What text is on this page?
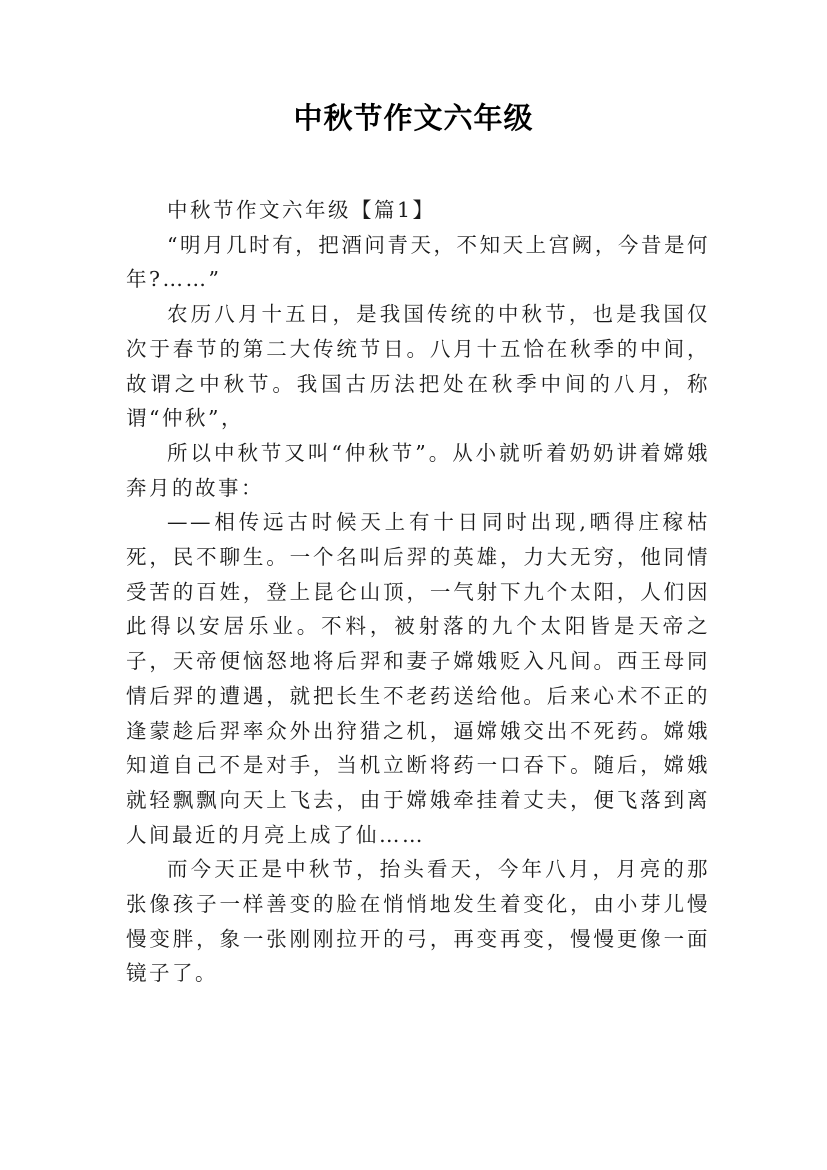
中秋节作文六年级

中秋节作文六年级【篇1】

“明月几时有，把酒问青天，不知天上宫阙，今昔是何年?……”

农历八月十五日，是我国传统的中秋节，也是我国仅次于春节的第二大传统节日。八月十五恰在秋季的中间，故谓之中秋节。我国古历法把处在秋季中间的八月，称谓“仲秋”，

所以中秋节又叫“仲秋节”。从小就听着奶奶讲着嫦娥奔月的故事：

——相传远古时候天上有十日同时出现,晒得庄稼枯死，民不聊生。一个名叫后羿的英雄，力大无穷，他同情受苦的百姓，登上昆仑山顶，一气射下九个太阳，人们因此得以安居乐业。不料，被射落的九个太阳皆是天帝之子，天帝便恼怒地将后羿和妻子嫦娥贬入凡间。西王母同情后羿的遭遇，就把长生不老药送给他。后来心术不正的逢蒙趁后羿率众外出狩猎之机，逼嫦娥交出不死药。嫦娥知道自己不是对手，当机立断将药一口吞下。随后，嫦娥就轻飘飘向天上飞去，由于嫦娥牵挂着丈夫，便飞落到离人间最近的月亮上成了仙……

而今天正是中秋节，抬头看天，今年八月，月亮的那张像孩子一样善变的脸在悄悄地发生着变化，由小芽儿慢慢变胖，象一张刚刚拉开的弓，再变再变，慢慢更像一面镜子了。
